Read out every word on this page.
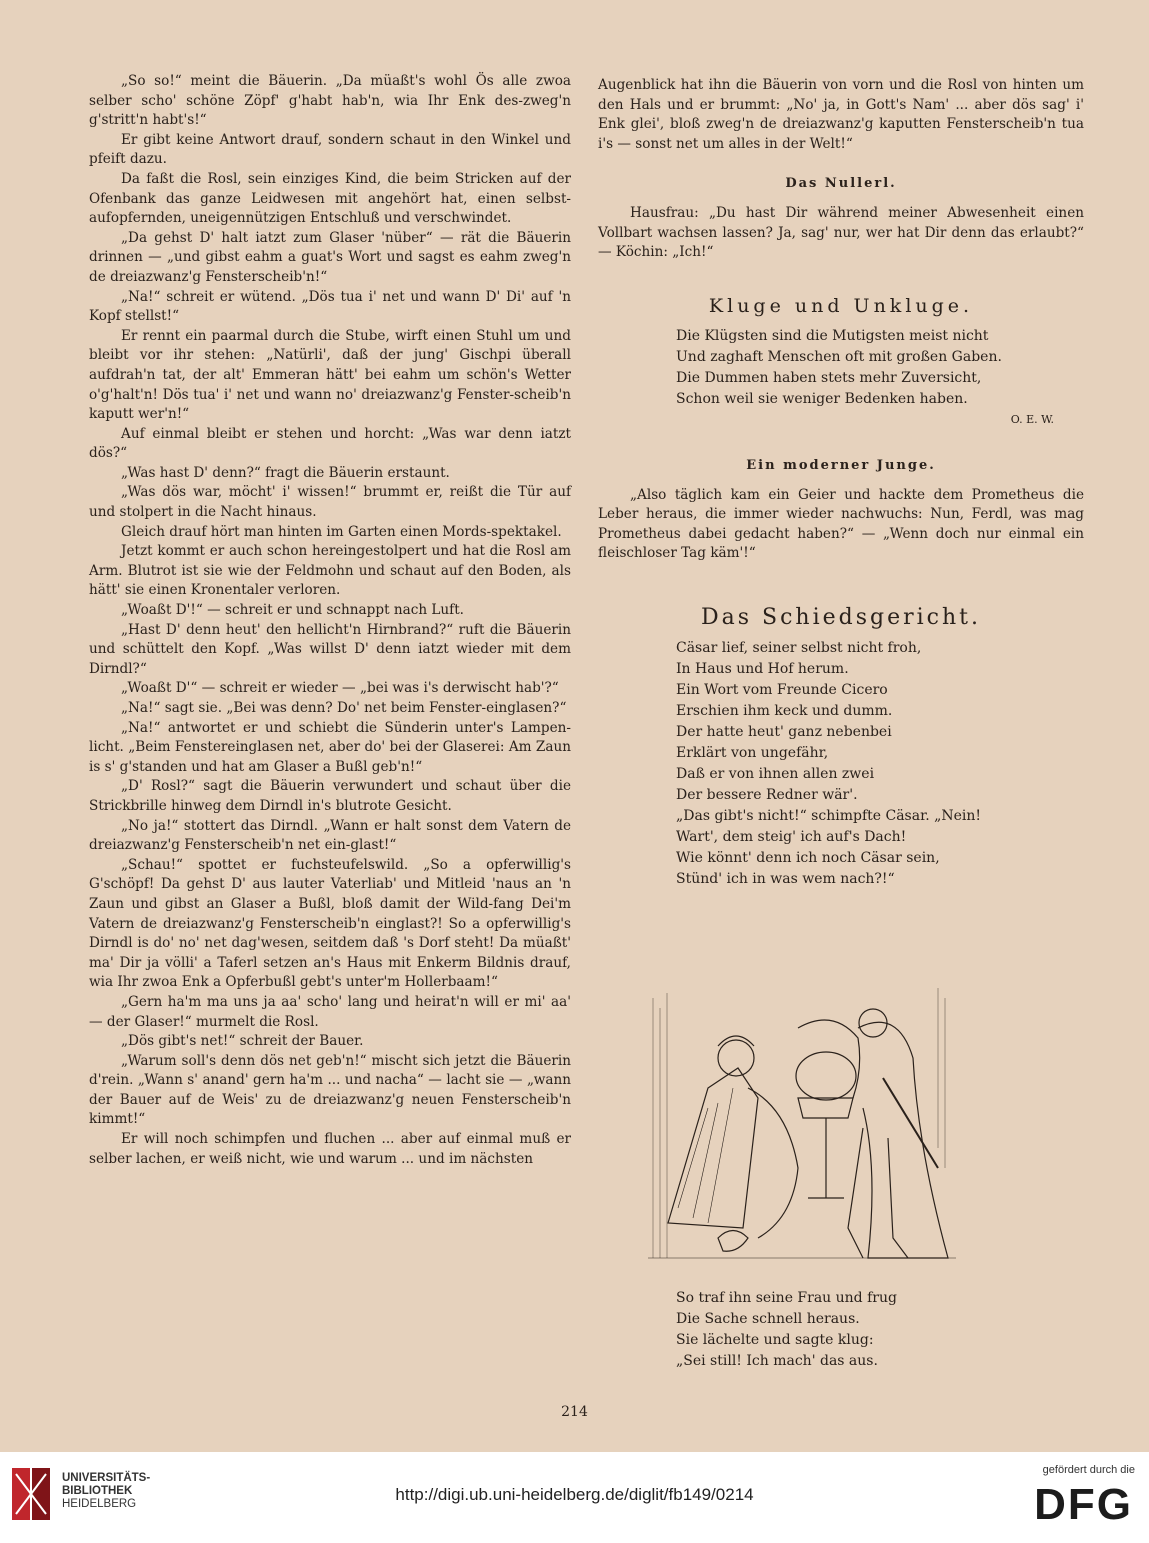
„So so!“ meint die Bäuerin. „Da müaßt's wohl Ös alle zwoa selber scho' schöne Zöpf' g'habt hab'n, wia Ihr Enk des-zweg'n g'stritt'n habt's!“

Er gibt keine Antwort drauf, sondern schaut in den Winkel und pfeift dazu.

Da faßt die Rosl, sein einziges Kind, die beim Stricken auf der Ofenbank das ganze Leidwesen mit angehört hat, einen selbst-aufopfernden, uneigennützigen Entschluß und verschwindet.

„Da gehst D' halt iatzt zum Glaser 'nüber“ — rät die Bäuerin drinnen — „und gibst eahm a guat's Wort und sagst es eahm zweg'n de dreiazwanz'g Fensterscheib'n!“

„Na!“ schreit er wütend. „Dös tua i' net und wann D' Di' auf 'n Kopf stellst!“

Er rennt ein paarmal durch die Stube, wirft einen Stuhl um und bleibt vor ihr stehen: „Natürli', daß der jung' Gischpi überall aufdrah'n tat, der alt' Emmeran hätt' bei eahm um schön's Wetter o'g'halt'n! Dös tua' i' net und wann no' dreiazwanz'g Fenster-scheib'n kaputt wer'n!“

Auf einmal bleibt er stehen und horcht: „Was war denn iatzt dös?“

„Was hast D' denn?“ fragt die Bäuerin erstaunt.

„Was dös war, möcht' i' wissen!“ brummt er, reißt die Tür auf und stolpert in die Nacht hinaus.

Gleich drauf hört man hinten im Garten einen Mords-spektakel.

Jetzt kommt er auch schon hereingestolpert und hat die Rosl am Arm. Blutrot ist sie wie der Feldmohn und schaut auf den Boden, als hätt' sie einen Kronentaler verloren.

„Woaßt D'!“ — schreit er und schnappt nach Luft.

„Hast D' denn heut' den hellicht'n Hirnbrand?“ ruft die Bäuerin und schüttelt den Kopf. „Was willst D' denn iatzt wieder mit dem Dirndl?“

„Woaßt D'“ — schreit er wieder — „bei was i's derwischt hab'?“

„Na!“ sagt sie. „Bei was denn? Do' net beim Fenster-einglasen?“

„Na!“ antwortet er und schiebt die Sünderin unter's Lampen-licht. „Beim Fenstereinglasen net, aber do' bei der Glaserei: Am Zaun is s' g'standen und hat am Glaser a Bußl geb'n!“

„D' Rosl?“ sagt die Bäuerin verwundert und schaut über die Strickbrille hinweg dem Dirndl in's blutrote Gesicht.

„No ja!“ stottert das Dirndl. „Wann er halt sonst dem Vatern de dreiazwanz'g Fensterscheib'n net ein-glast!“

„Schau!“ spottet er fuchsteufelswild. „So a opferwillig's G'schöpf! Da gehst D' aus lauter Vaterliab' und Mitleid 'naus an 'n Zaun und gibst an Glaser a Bußl, bloß damit der Wild-fang Dei'm Vatern de dreiazwanz'g Fensterscheib'n einglast?! So a opferwillig's Dirndl is do' no' net dag'wesen, seitdem daß 's Dorf steht! Da müaßt' ma' Dir ja völli' a Taferl setzen an's Haus mit Enkerm Bildnis drauf, wia Ihr zwoa Enk a Opferbußl gebt's unter'm Hollerbaam!“

„Gern ha'm ma uns ja aa' scho' lang und heirat'n will er mi' aa' — der Glaser!“ murmelt die Rosl.

„Dös gibt's net!“ schreit der Bauer.

„Warum soll's denn dös net geb'n!“ mischt sich jetzt die Bäuerin d'rein. „Wann s' anand' gern ha'm ... und nacha“ — lacht sie — „wann der Bauer auf de Weis' zu de dreiazwanz'g neuen Fensterscheib'n kimmt!“

Er will noch schimpfen und fluchen ... aber auf einmal muß er selber lachen, er weiß nicht, wie und warum ... und im nächsten

Augenblick hat ihn die Bäuerin von vorn und die Rosl von hinten um den Hals und er brummt: „No' ja, in Gott's Nam' ... aber dös sag' i' Enk glei', bloß zweg'n de dreiazwanz'g kaputten Fensterscheib'n tua i's — sonst net um alles in der Welt!“

Das Nullerl.

Hausfrau: „Du hast Dir während meiner Abwesenheit einen Vollbart wachsen lassen? Ja, sag' nur, wer hat Dir denn das erlaubt?“ — Köchin: „Ich!“

Kluge und Unkluge.
Die Klügsten sind die Mutigsten meist nicht
Und zaghaft Menschen oft mit großen Gaben.
Die Dummen haben stets mehr Zuversicht,
Schon weil sie weniger Bedenken haben.
O. E. W.
Ein moderner Junge.

„Also täglich kam ein Geier und hackte dem Prometheus die Leber heraus, die immer wieder nachwuchs: Nun, Ferdl, was mag Prometheus dabei gedacht haben?“ — „Wenn doch nur einmal ein fleischloser Tag käm'!“

Das Schiedsgericht.
Cäsar lief, seiner selbst nicht froh,
In Haus und Hof herum.
Ein Wort vom Freunde Cicero
Erschien ihm keck und dumm.
Der hatte heut' ganz nebenbei
Erklärt von ungefähr,
Daß er von ihnen allen zwei
Der bessere Redner wär'.
„Das gibt's nicht!“ schimpfte Cäsar. „Nein!
Wart', dem steig' ich auf's Dach!
Wie könnt' denn ich noch Cäsar sein,
Stünd' ich in was wem nach?!“
So traf ihn seine Frau und frug
Die Sache schnell heraus.
Sie lächelte und sagte klug:
„Sei still! Ich mach' das aus.
214
UNIVERSITÄTS-
BIBLIOTHEK
HEIDELBERG	http://digi.ub.uni-heidelberg.de/diglit/fb149/0214
gefördert durch die
DFG
